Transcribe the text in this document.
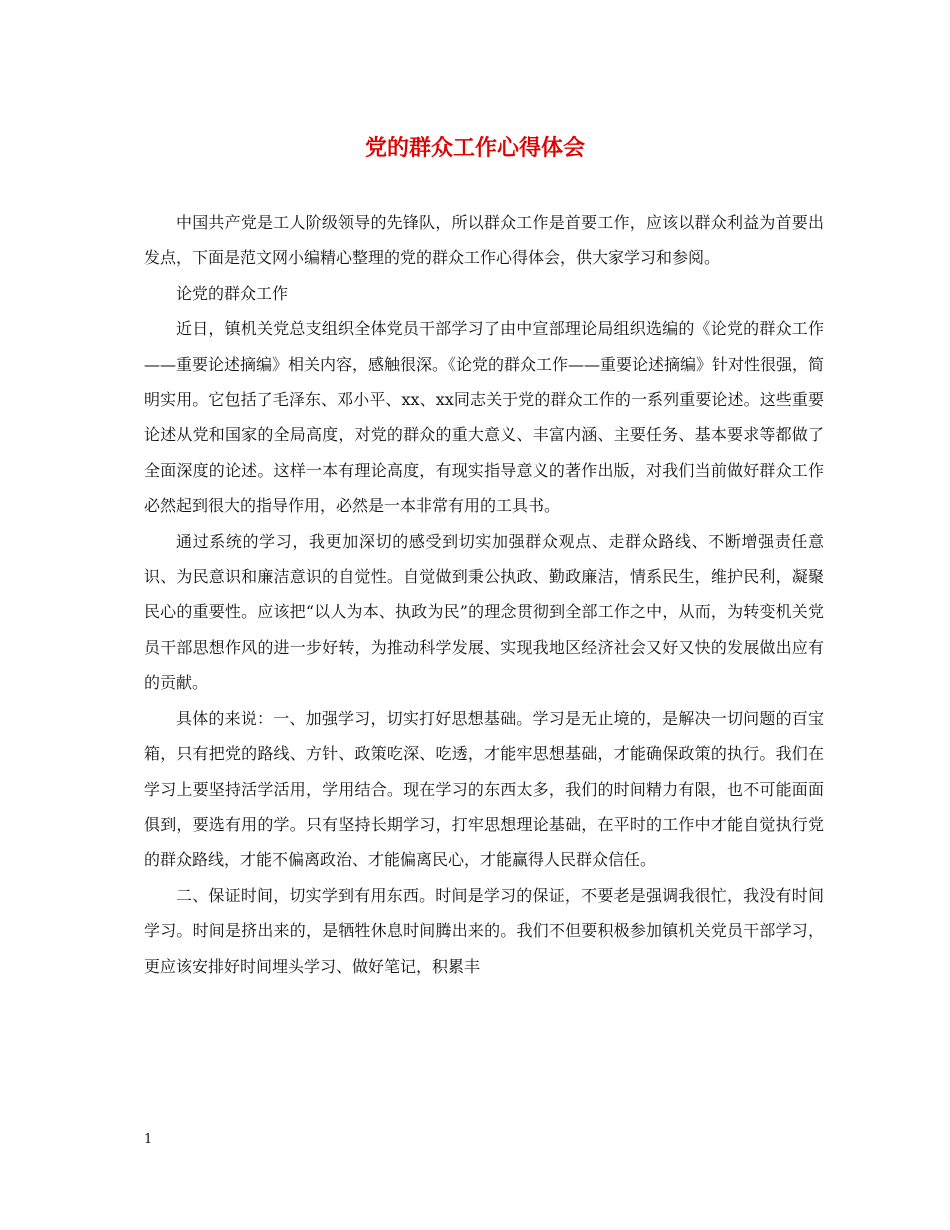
党的群众工作心得体会

中国共产党是工人阶级领导的先锋队，所以群众工作是首要工作，应该以群众利益为首要出发点，下面是范文网小编精心整理的党的群众工作心得体会，供大家学习和参阅。

论党的群众工作

近日，镇机关党总支组织全体党员干部学习了由中宣部理论局组织选编的《论党的群众工作——重要论述摘编》相关内容，感触很深。《论党的群众工作——重要论述摘编》针对性很强，简明实用。它包括了毛泽东、邓小平、xx、xx同志关于党的群众工作的一系列重要论述。这些重要论述从党和国家的全局高度，对党的群众的重大意义、丰富内涵、主要任务、基本要求等都做了全面深度的论述。这样一本有理论高度，有现实指导意义的著作出版，对我们当前做好群众工作必然起到很大的指导作用，必然是一本非常有用的工具书。

通过系统的学习，我更加深切的感受到切实加强群众观点、走群众路线、不断增强责任意识、为民意识和廉洁意识的自觉性。自觉做到秉公执政、勤政廉洁，情系民生，维护民利，凝聚民心的重要性。应该把“以人为本、执政为民”的理念贯彻到全部工作之中，从而，为转变机关党员干部思想作风的进一步好转，为推动科学发展、实现我地区经济社会又好又快的发展做出应有的贡献。

具体的来说：一、加强学习，切实打好思想基础。学习是无止境的，是解决一切问题的百宝箱，只有把党的路线、方针、政策吃深、吃透，才能牢思想基础，才能确保政策的执行。我们在学习上要坚持活学活用，学用结合。现在学习的东西太多，我们的时间精力有限，也不可能面面俱到，要选有用的学。只有坚持长期学习，打牢思想理论基础，在平时的工作中才能自觉执行党的群众路线，才能不偏离政治、才能偏离民心，才能赢得人民群众信任。

二、保证时间，切实学到有用东西。时间是学习的保证，不要老是强调我很忙，我没有时间学习。时间是挤出来的，是牺牲休息时间腾出来的。我们不但要积极参加镇机关党员干部学习，更应该安排好时间埋头学习、做好笔记，积累丰

1
